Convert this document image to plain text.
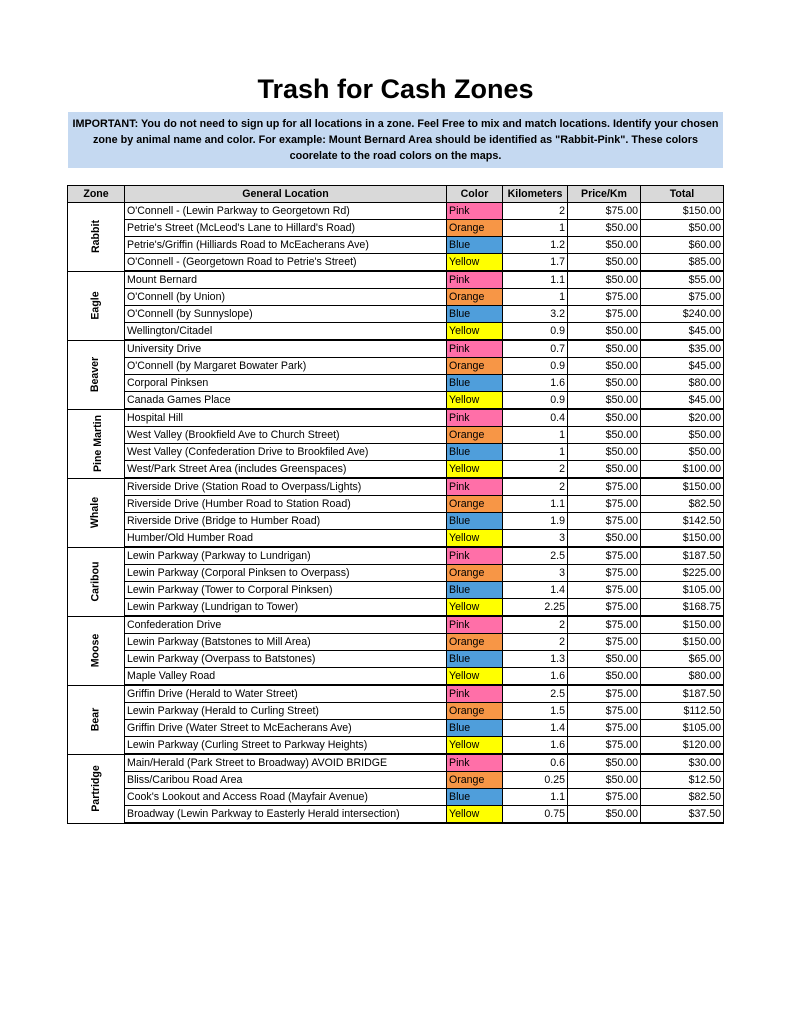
Trash for Cash Zones
IMPORTANT: You do not need to sign up for all locations in a zone. Feel Free to mix and match locations. Identify your chosen zone by animal name and color. For example: Mount Bernard Area should be identified as "Rabbit-Pink". These colors coorelate to the road colors on the maps.
Zone	General Location	Color	Kilometers	Price/Km	Total
Rabbit	O'Connell - (Lewin Parkway to Georgetown Rd)	Pink	2	$75.00	$150.00
	Petrie's Street (McLeod's Lane to Hillard's Road)	Orange	1	$50.00	$50.00
	Petrie's/Griffin (Hilliards Road to McEacherans Ave)	Blue	1.2	$50.00	$60.00
	O'Connell - (Georgetown Road to Petrie's Street)	Yellow	1.7	$50.00	$85.00
Eagle	Mount Bernard	Pink	1.1	$50.00	$55.00
	O'Connell (by Union)	Orange	1	$75.00	$75.00
	O'Connell (by Sunnyslope)	Blue	3.2	$75.00	$240.00
	Wellington/Citadel	Yellow	0.9	$50.00	$45.00
Beaver	University Drive	Pink	0.7	$50.00	$35.00
	O'Connell (by Margaret Bowater Park)	Orange	0.9	$50.00	$45.00
	Corporal Pinksen	Blue	1.6	$50.00	$80.00
	Canada Games Place	Yellow	0.9	$50.00	$45.00
Pine Martin	Hospital Hill	Pink	0.4	$50.00	$20.00
	West Valley (Brookfield Ave to Church Street)	Orange	1	$50.00	$50.00
	West Valley (Confederation Drive to Brookfiled Ave)	Blue	1	$50.00	$50.00
	West/Park Street Area (includes Greenspaces)	Yellow	2	$50.00	$100.00
Whale	Riverside Drive (Station Road to Overpass/Lights)	Pink	2	$75.00	$150.00
	Riverside Drive (Humber Road to Station Road)	Orange	1.1	$75.00	$82.50
	Riverside Drive (Bridge to Humber Road)	Blue	1.9	$75.00	$142.50
	Humber/Old Humber Road	Yellow	3	$50.00	$150.00
Caribou	Lewin Parkway (Parkway to Lundrigan)	Pink	2.5	$75.00	$187.50
	Lewin Parkway (Corporal Pinksen to Overpass)	Orange	3	$75.00	$225.00
	Lewin Parkway (Tower to Corporal Pinksen)	Blue	1.4	$75.00	$105.00
	Lewin Parkway (Lundrigan to Tower)	Yellow	2.25	$75.00	$168.75
Moose	Confederation Drive	Pink	2	$75.00	$150.00
	Lewin Parkway (Batstones to Mill Area)	Orange	2	$75.00	$150.00
	Lewin Parkway (Overpass to Batstones)	Blue	1.3	$50.00	$65.00
	Maple Valley Road	Yellow	1.6	$50.00	$80.00
Bear	Griffin Drive (Herald to Water Street)	Pink	2.5	$75.00	$187.50
	Lewin Parkway (Herald to Curling Street)	Orange	1.5	$75.00	$112.50
	Griffin Drive (Water Street to McEacherans Ave)	Blue	1.4	$75.00	$105.00
	Lewin Parkway (Curling Street to Parkway Heights)	Yellow	1.6	$75.00	$120.00
Partridge	Main/Herald (Park Street to Broadway) AVOID BRIDGE	Pink	0.6	$50.00	$30.00
	Bliss/Caribou Road Area	Orange	0.25	$50.00	$12.50
	Cook's Lookout and Access Road (Mayfair Avenue)	Blue	1.1	$75.00	$82.50
	Broadway (Lewin Parkway to Easterly Herald intersection)	Yellow	0.75	$50.00	$37.50
